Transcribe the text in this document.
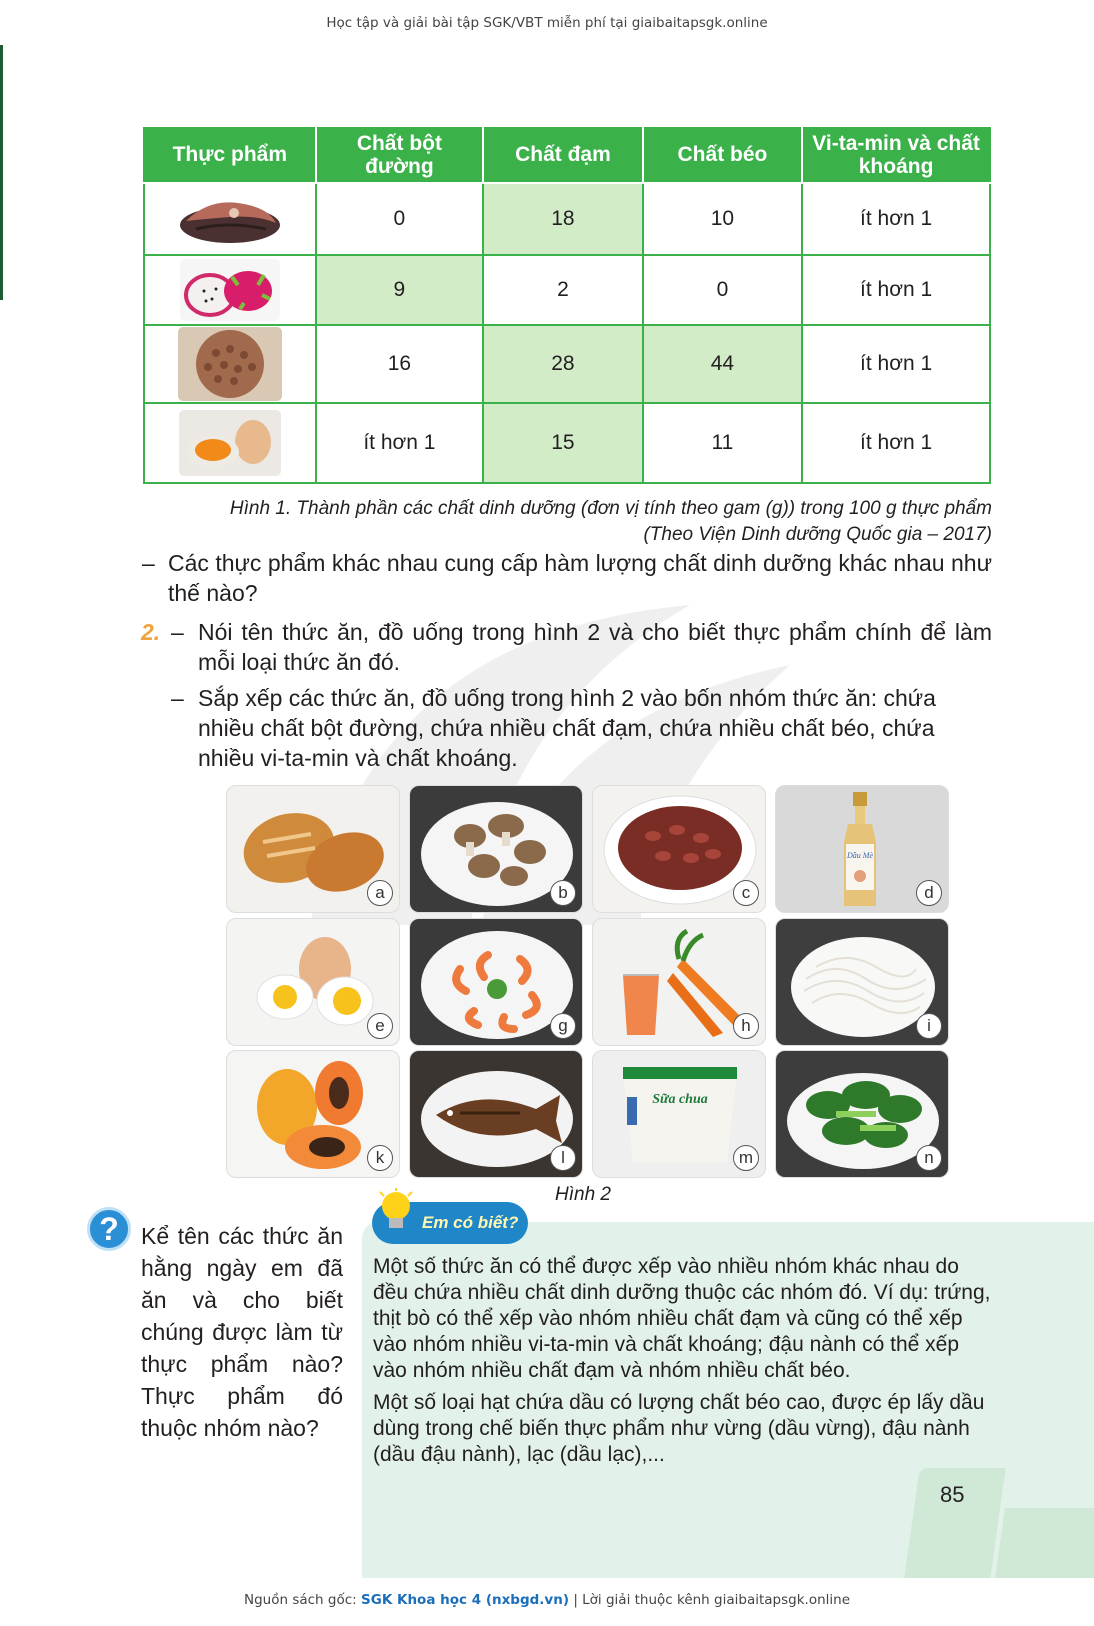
Học tập và giải bài tập SGK/VBT miễn phí tại giaibaitapsgk.online
Thực phẩm	Chất bột đường	Chất đạm	Chất béo	Vi-ta-min và chất khoáng

	0	18	10	ít hơn 1

	9	2	0	ít hơn 1

	16	28	44	ít hơn 1

	ít hơn 1	15	11	ít hơn 1
Hình 1. Thành phần các chất dinh dưỡng (đơn vị tính theo gam (g)) trong 100 g thực phẩm
(Theo Viện Dinh dưỡng Quốc gia – 2017)
– Các thực phẩm khác nhau cung cấp hàm lượng chất dinh dưỡng khác nhau như thế nào?
2. – Nói tên thức ăn, đồ uống trong hình 2 và cho biết thực phẩm chính để làm mỗi loại thức ăn đó.
– Sắp xếp các thức ăn, đồ uống trong hình 2 vào bốn nhóm thức ăn: chứa nhiều chất bột đường, chứa nhiều chất đạm, chứa nhiều chất béo, chứa nhiều vi-ta-min và chất khoáng.
a	b	c
Dầu Mè
d
e	g	h	i
k	l
Sữa chua
m	n
Hình 2
? Kể tên các thức ăn hằng ngày em đã ăn và cho biết chúng được làm từ thực phẩm nào? Thực phẩm đó thuộc nhóm nào?
Em có biết?

Một số thức ăn có thể được xếp vào nhiều nhóm khác nhau do đều chứa nhiều chất dinh dưỡng thuộc các nhóm đó. Ví dụ: trứng, thịt bò có thể xếp vào nhóm nhiều chất đạm và cũng có thể xếp vào nhóm nhiều vi-ta-min và chất khoáng; đậu nành có thể xếp vào nhóm nhiều chất đạm và nhóm nhiều chất béo.

Một số loại hạt chứa dầu có lượng chất béo cao, được ép lấy dầu dùng trong chế biến thực phẩm như vừng (dầu vừng), đậu nành (dầu đậu nành), lạc (dầu lạc),...

85
Nguồn sách gốc: SGK Khoa học 4 (nxbgd.vn) | Lời giải thuộc kênh giaibaitapsgk.online
